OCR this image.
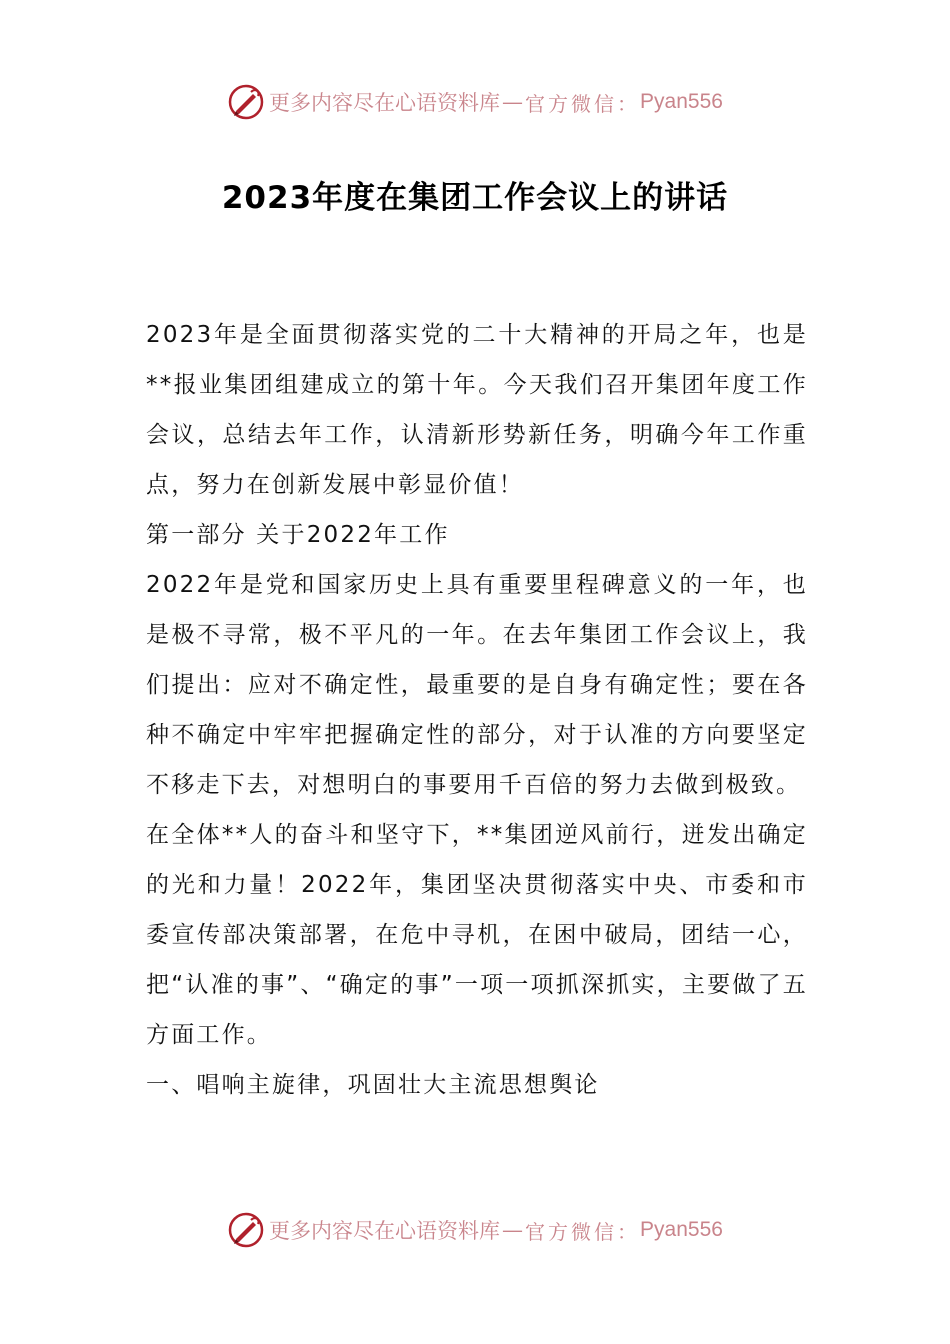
更多内容尽在心语资料库 — 官方微信： Pyan556
2023年度在集团工作会议上的讲话

2023年是全面贯彻落实党的二十大精神的开局之年，也是**报业集团组建成立的第十年。今天我们召开集团年度工作会议，总结去年工作，认清新形势新任务，明确今年工作重点，努力在创新发展中彰显价值！

第一部分 关于2022年工作

2022年是党和国家历史上具有重要里程碑意义的一年，也是极不寻常，极不平凡的一年。在去年集团工作会议上，我们提出：应对不确定性，最重要的是自身有确定性；要在各种不确定中牢牢把握确定性的部分，对于认准的方向要坚定不移走下去，对想明白的事要用千百倍的努力去做到极致。

在全体**人的奋斗和坚守下，**集团逆风前行，迸发出确定的光和力量！2022年，集团坚决贯彻落实中央、市委和市委宣传部决策部署，在危中寻机，在困中破局，团结一心，把“认准的事”、“确定的事”一项一项抓深抓实，主要做了五方面工作。

一、唱响主旋律，巩固壮大主流思想舆论

更多内容尽在心语资料库 — 官方微信： Pyan556
